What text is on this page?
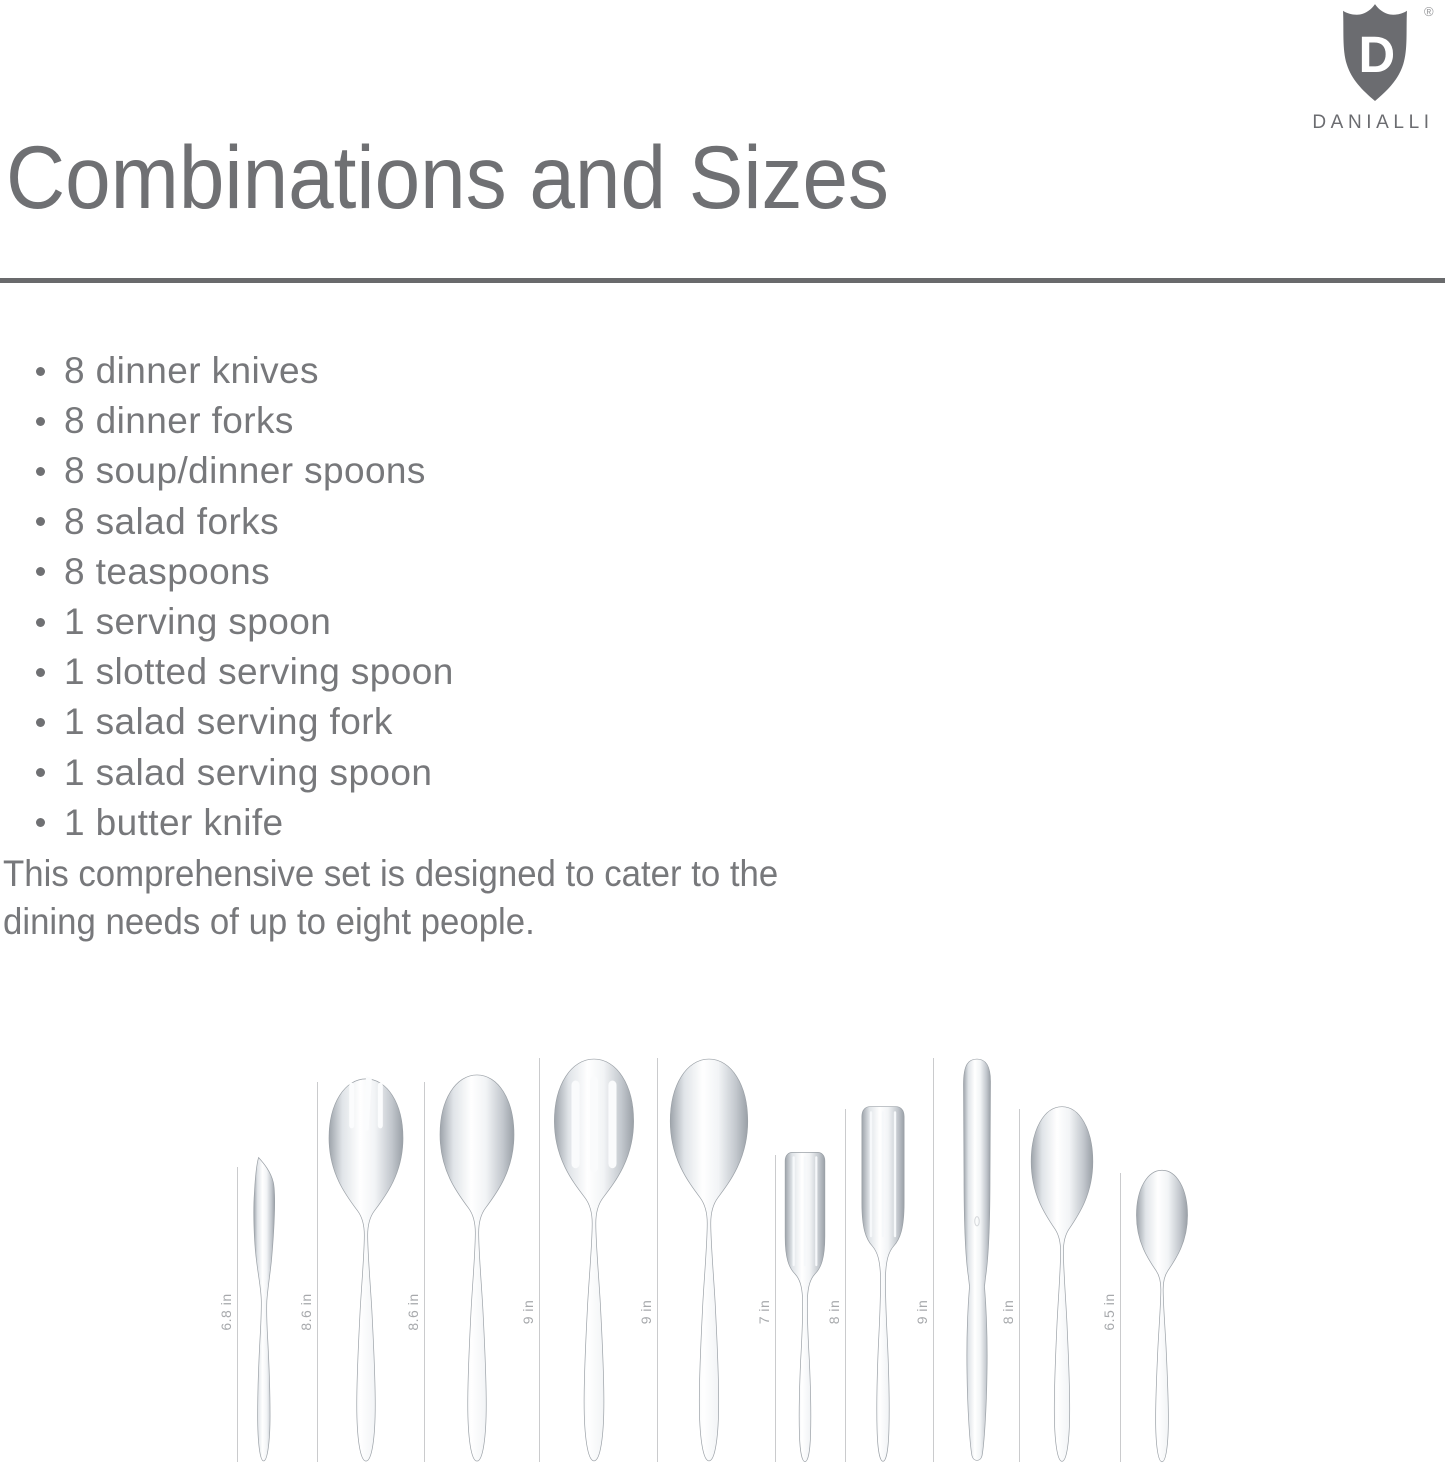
D
®
DANIALLI
Combinations and Sizes
8 dinner knives
8 dinner forks
8 soup/dinner spoons
8 salad forks
8 teaspoons
1 serving spoon
1 slotted serving spoon
1 salad serving fork
1 salad serving spoon
1 butter knife
This comprehensive set is designed to cater to the
dining needs of up to eight people.
6.8 in	8.6 in	8.6 in	9 in	9 in	7 in	8 in	9 in	8 in	6.5 in
